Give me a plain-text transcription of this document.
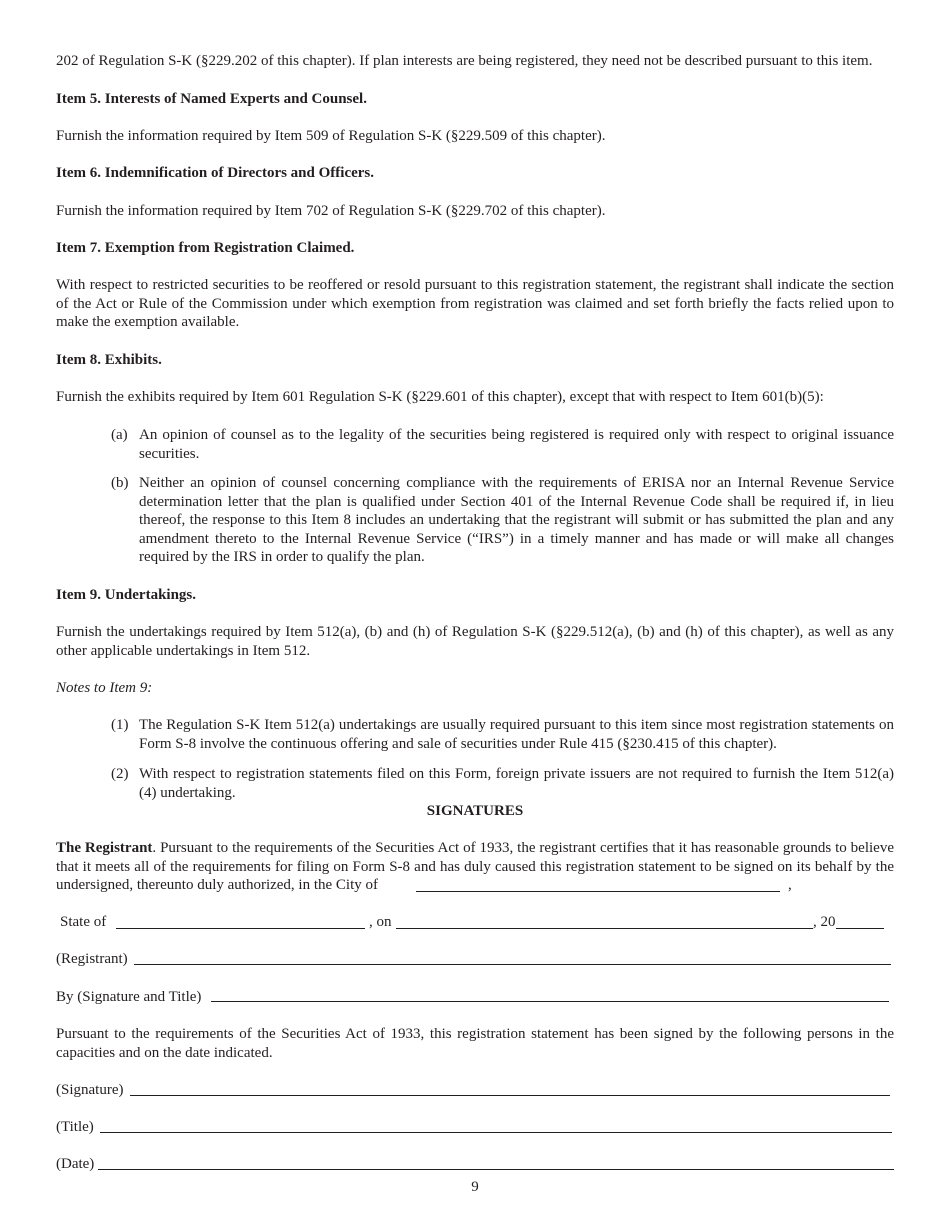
202 of Regulation S-K (§229.202 of this chapter). If plan interests are being registered, they need not be described pursuant to this item.

Item 5. Interests of Named Experts and Counsel.

Furnish the information required by Item 509 of Regulation S-K (§229.509 of this chapter).

Item 6. Indemnification of Directors and Officers.

Furnish the information required by Item 702 of Regulation S-K (§229.702 of this chapter).

Item 7. Exemption from Registration Claimed.

With respect to restricted securities to be reoffered or resold pursuant to this registration statement, the registrant shall indicate the section of the Act or Rule of the Commission under which exemption from registration was claimed and set forth briefly the facts relied upon to make the exemption available.

Item 8. Exhibits.

Furnish the exhibits required by Item 601 Regulation S-K (§229.601 of this chapter), except that with respect to Item 601(b)(5):

(a) An opinion of counsel as to the legality of the securities being registered is required only with respect to original issuance securities.
(b) Neither an opinion of counsel concerning compliance with the requirements of ERISA nor an Internal Revenue Service determination letter that the plan is qualified under Section 401 of the Internal Revenue Code shall be required if, in lieu thereof, the response to this Item 8 includes an undertaking that the registrant will submit or has submitted the plan and any amendment thereto to the Internal Revenue Service (“IRS”) in a timely manner and has made or will make all changes required by the IRS in order to qualify the plan.

Item 9. Undertakings.

Furnish the undertakings required by Item 512(a), (b) and (h) of Regulation S-K (§229.512(a), (b) and (h) of this chapter), as well as any other applicable undertakings in Item 512.

Notes to Item 9:

(1) The Regulation S-K Item 512(a) undertakings are usually required pursuant to this item since most registration statements on Form S-8 involve the continuous offering and sale of securities under Rule 415 (§230.415 of this chapter).
(2) With respect to registration statements filed on this Form, foreign private issuers are not required to furnish the Item 512(a)(4) undertaking.

SIGNATURES

The Registrant. Pursuant to the requirements of the Securities Act of 1933, the registrant certifies that it has reasonable grounds to believe that it meets all of the requirements for filing on Form S-8 and has duly caused this registration statement to be signed on its behalf by the undersigned, thereunto duly authorized, in the City of	,
State of	, on	, 20
(Registrant)
By (Signature and Title)

Pursuant to the requirements of the Securities Act of 1933, this registration statement has been signed by the following persons in the capacities and on the date indicated.

(Signature)
(Title)
(Date)
9
